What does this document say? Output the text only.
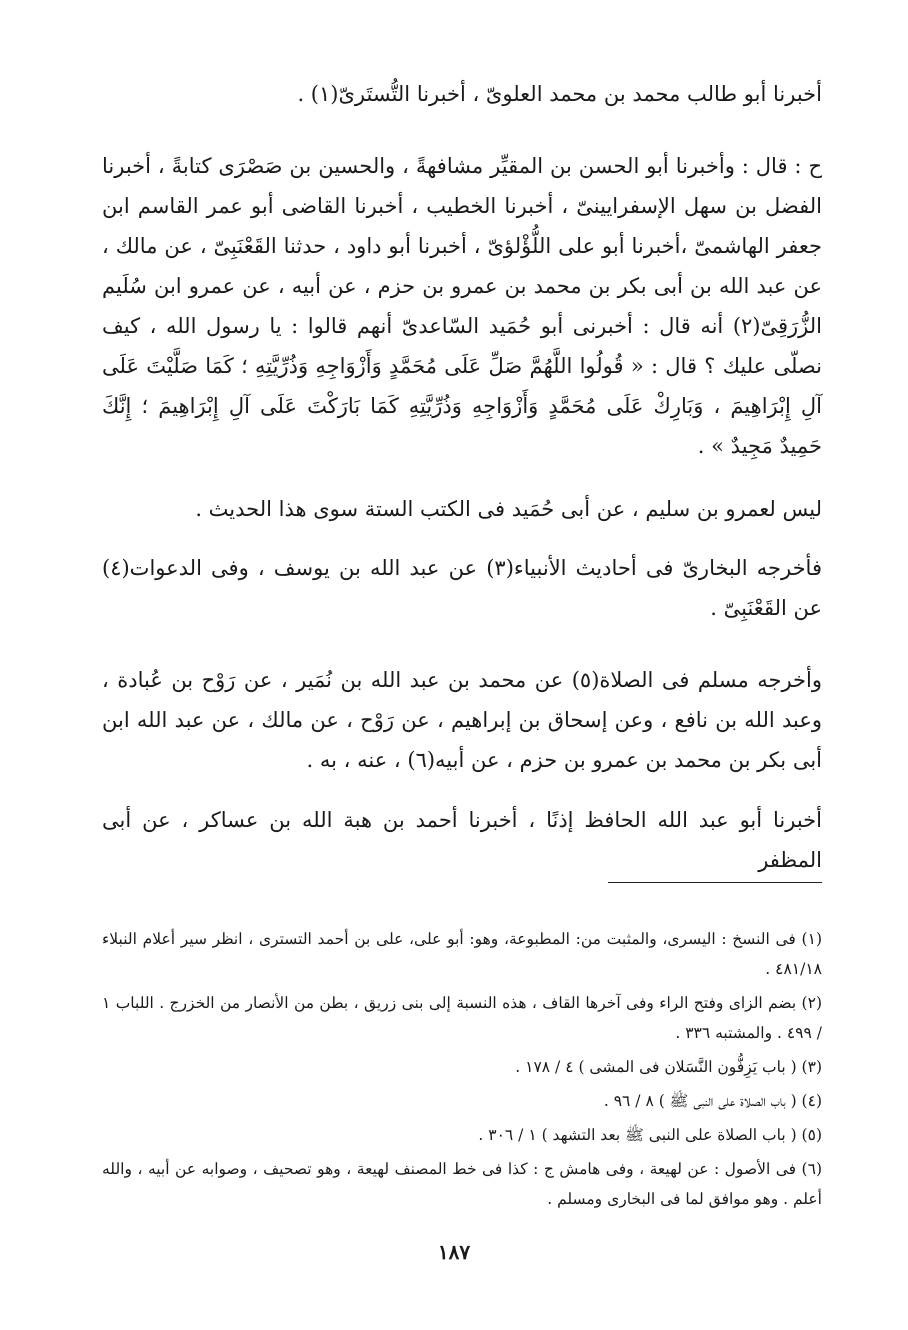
أخبرنا أبو طالب محمد بن محمد العلوىّ ، أخبرنا التُّستَرىّ(١) .

ح : قال : وأخبرنا أبو الحسن بن المقيِّر مشافهةً ، والحسين بن صَصْرَى كتابةً ، أخبرنا الفضل بن سهل الإسفرايينىّ ، أخبرنا الخطيب ، أخبرنا القاضى أبو عمر القاسم ابن جعفر الهاشمىّ ،أخبرنا أبو على اللُّؤْلؤىّ ، أخبرنا أبو داود ، حدثنا القَعْنَبِىّ ، عن مالك ، عن عبد الله بن أبى بكر بن محمد بن عمرو بن حزم ، عن أبيه ، عن عمرو ابن سُلَيم الزُّرَقِىّ(٢) أنه قال : أخبرنى أبو حُمَيد السّاعدىّ أنهم قالوا : يا رسول الله ، كيف نصلّى عليك ؟ قال : « قُولُوا اللَّهُمَّ صَلِّ عَلَى مُحَمَّدٍ وَأَزْوَاجِهِ وَذُرِّيَّتِهِ ؛ كَمَا صَلَّيْتَ عَلَى آلِ إِبْرَاهِيمَ ، وَبَارِكْ عَلَى مُحَمَّدٍ وَأَزْوَاجِهِ وَذُرِّيَّتِهِ كَمَا بَارَكْتَ عَلَى آلِ إِبْرَاهِيمَ ؛ إِنَّكَ حَمِيدٌ مَجِيدٌ » .

ليس لعمرو بن سليم ، عن أبى حُمَيد فى الكتب الستة سوى هذا الحديث .

فأخرجه البخارىّ فى أحاديث الأنبياء(٣) عن عبد الله بن يوسف ، وفى الدعوات(٤) عن القَعْنَبِىّ .

وأخرجه مسلم فى الصلاة(٥) عن محمد بن عبد الله بن نُمَير ، عن رَوْح بن عُبادة ، وعبد الله بن نافع ، وعن إسحاق بن إبراهيم ، عن رَوْح ، عن مالك ، عن عبد الله ابن أبى بكر بن محمد بن عمرو بن حزم ، عن أبيه(٦) ، عنه ، به .

أخبرنا أبو عبد الله الحافظ إذنًا ، أخبرنا أحمد بن هبة الله بن عساكر ، عن أبى المظفر

(١) فى النسخ : اليسرى، والمثبت من: المطبوعة، وهو: أبو على، على بن أحمد التسترى ، انظر سير أعلام النبلاء ٤٨١/١٨ .
(٢) بضم الزاى وفتح الراء وفى آخرها القاف ، هذه النسبة إلى بنى زريق ، بطن من الأنصار من الخزرج . اللباب ١ / ٤٩٩ . والمشتبه ٣٣٦ .
(٣) ( باب يَزِفُّون النَّسَلان فى المشى ) ٤ / ١٧٨ .
(٤) ( باب الصلاة على النبى ﷺ ) ٨ / ٩٦ .
(٥) ( باب الصلاة على النبى ﷺ بعد التشهد ) ١ / ٣٠٦ .
(٦) فى الأصول : عن لهيعة ، وفى هامش ج : كذا فى خط المصنف لهيعة ، وهو تصحيف ، وصوابه عن أبيه ، والله أعلم . وهو موافق لما فى البخارى ومسلم .
١٨٧
